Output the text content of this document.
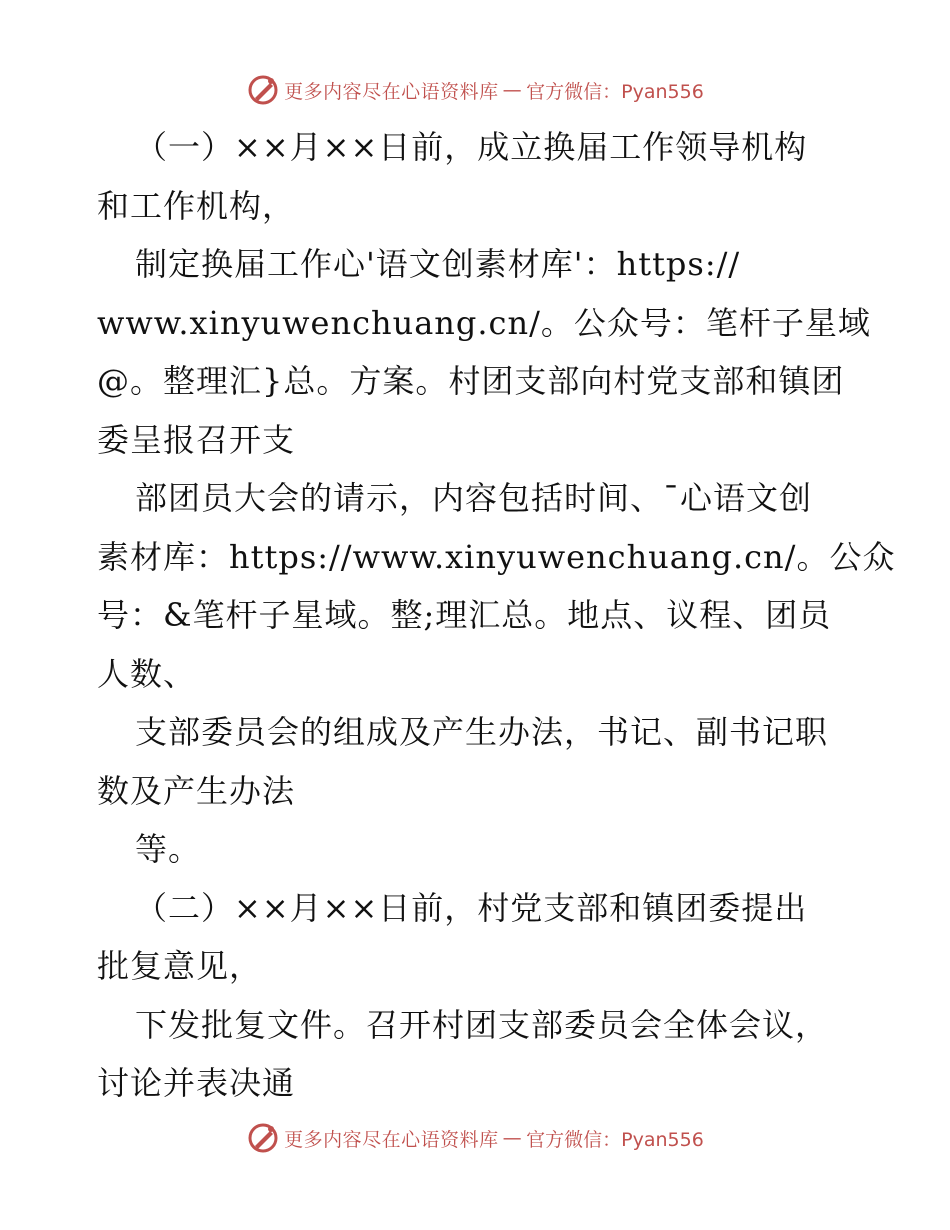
更多内容尽在心语资料库 — 官方微信：Pyan556
（一）××月××日前，成立换届工作领导机构
和工作机构，
制定换届工作心'语文创素材库'：https://
www.xinyuwenchuang.cn/。公众号：笔杆子星域
@。整理汇}总。方案。村团支部向村党支部和镇团
委呈报召开支
部团员大会的请示，内容包括时间、¯心语文创
素材库：https://www.xinyuwenchuang.cn/。公众
号：&笔杆子星域。整;理汇总。地点、议程、团员
人数、
支部委员会的组成及产生办法，书记、副书记职
数及产生办法
等。
（二）××月××日前，村党支部和镇团委提出
批复意见，
下发批复文件。召开村团支部委员会全体会议，
讨论并表决通
更多内容尽在心语资料库 — 官方微信：Pyan556
